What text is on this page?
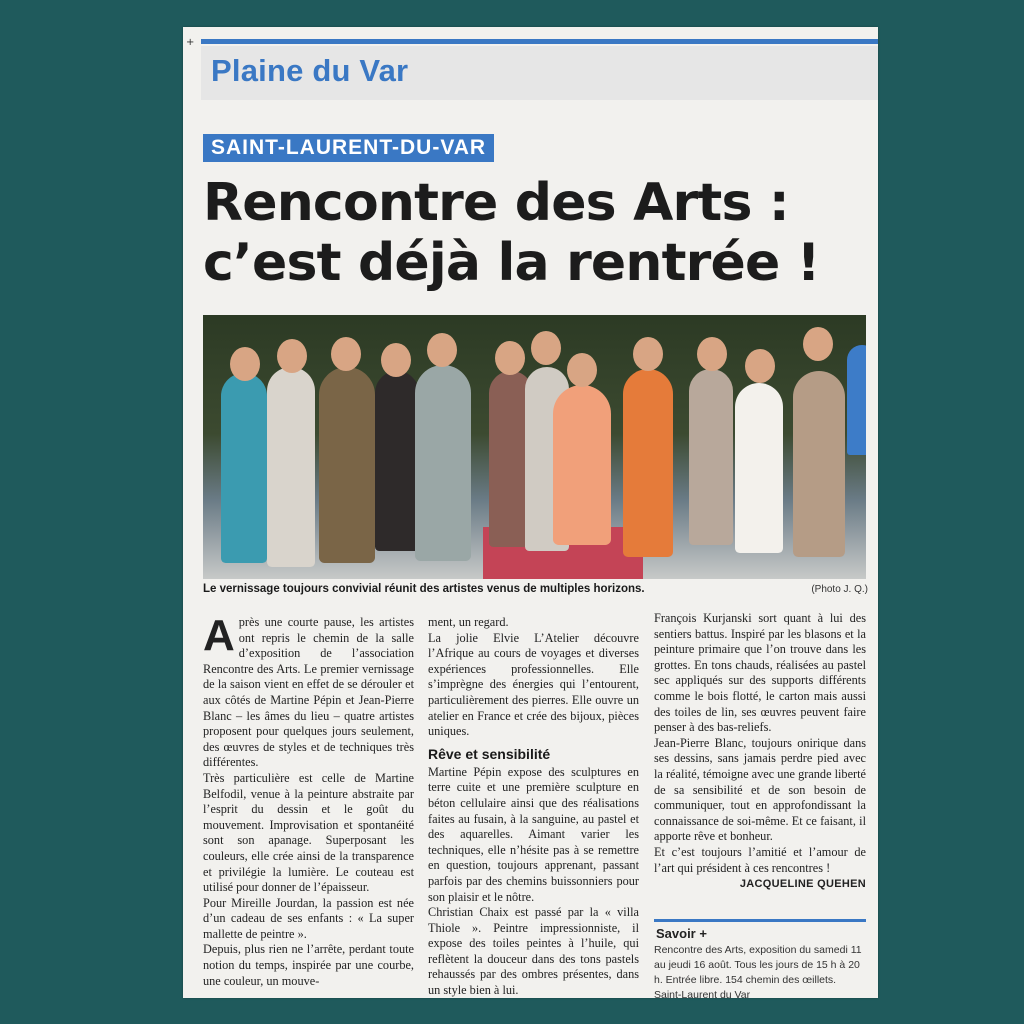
+
Plaine du Var
SAINT-LAURENT-DU-VAR
Rencontre des Arts : c’est déjà la rentrée !
Le vernissage toujours convivial réunit des artistes venus de multiples horizons.	(Photo J. Q.)
A près une courte pause, les artistes ont repris le chemin de la salle d’exposition de l’association Rencontre des Arts. Le premier vernissage de la saison vient en effet de se dérouler et aux côtés de Martine Pépin et Jean-Pierre Blanc – les âmes du lieu – quatre artistes proposent pour quelques jours seulement, des œuvres de styles et de techniques très différentes.

Très particulière est celle de Martine Belfodil, venue à la peinture abstraite par l’esprit du dessin et le goût du mouvement. Improvisation et spontanéité sont son apanage. Superposant les couleurs, elle crée ainsi de la transparence et privilégie la lumière. Le couteau est utilisé pour donner de l’épaisseur.

Pour Mireille Jourdan, la passion est née d’un cadeau de ses enfants : « La super mallette de peintre ».

Depuis, plus rien ne l’arrête, perdant toute notion du temps, inspirée par une courbe, une couleur, un mouve-

ment, un regard.

La jolie Elvie L’Atelier découvre l’Afrique au cours de voyages et diverses expériences professionnelles. Elle s’imprègne des énergies qui l’entourent, particulièrement des pierres. Elle ouvre un atelier en France et crée des bijoux, pièces uniques.

Rêve et sensibilité

Martine Pépin expose des sculptures en terre cuite et une première sculpture en béton cellulaire ainsi que des réalisations faites au fusain, à la sanguine, au pastel et des aquarelles. Aimant varier les techniques, elle n’hésite pas à se remettre en question, toujours apprenant, passant parfois par des chemins buissonniers pour son plaisir et le nôtre.

Christian Chaix est passé par la « villa Thiole ». Peintre impressionniste, il expose des toiles peintes à l’huile, qui reflètent la douceur dans des tons pastels rehaussés par des ombres présentes, dans un style bien à lui.

François Kurjanski sort quant à lui des sentiers battus. Inspiré par les blasons et la peinture primaire que l’on trouve dans les grottes. En tons chauds, réalisées au pastel sec appliqués sur des supports différents comme le bois flotté, le carton mais aussi des toiles de lin, ses œuvres peuvent faire penser à des bas-reliefs.

Jean-Pierre Blanc, toujours onirique dans ses dessins, sans jamais perdre pied avec la réalité, témoigne avec une grande liberté de sa sensibilité et de son besoin de communiquer, tout en approfondissant la connaissance de soi-même. Et ce faisant, il apporte rêve et bonheur.

Et c’est toujours l’amitié et l’amour de l’art qui président à ces rencontres !

JACQUELINE QUEHEN
Savoir +
Rencontre des Arts, exposition du samedi 11 au jeudi 16 août. Tous les jours de 15 h à 20 h. Entrée libre. 154 chemin des œillets. Saint-Laurent du Var
